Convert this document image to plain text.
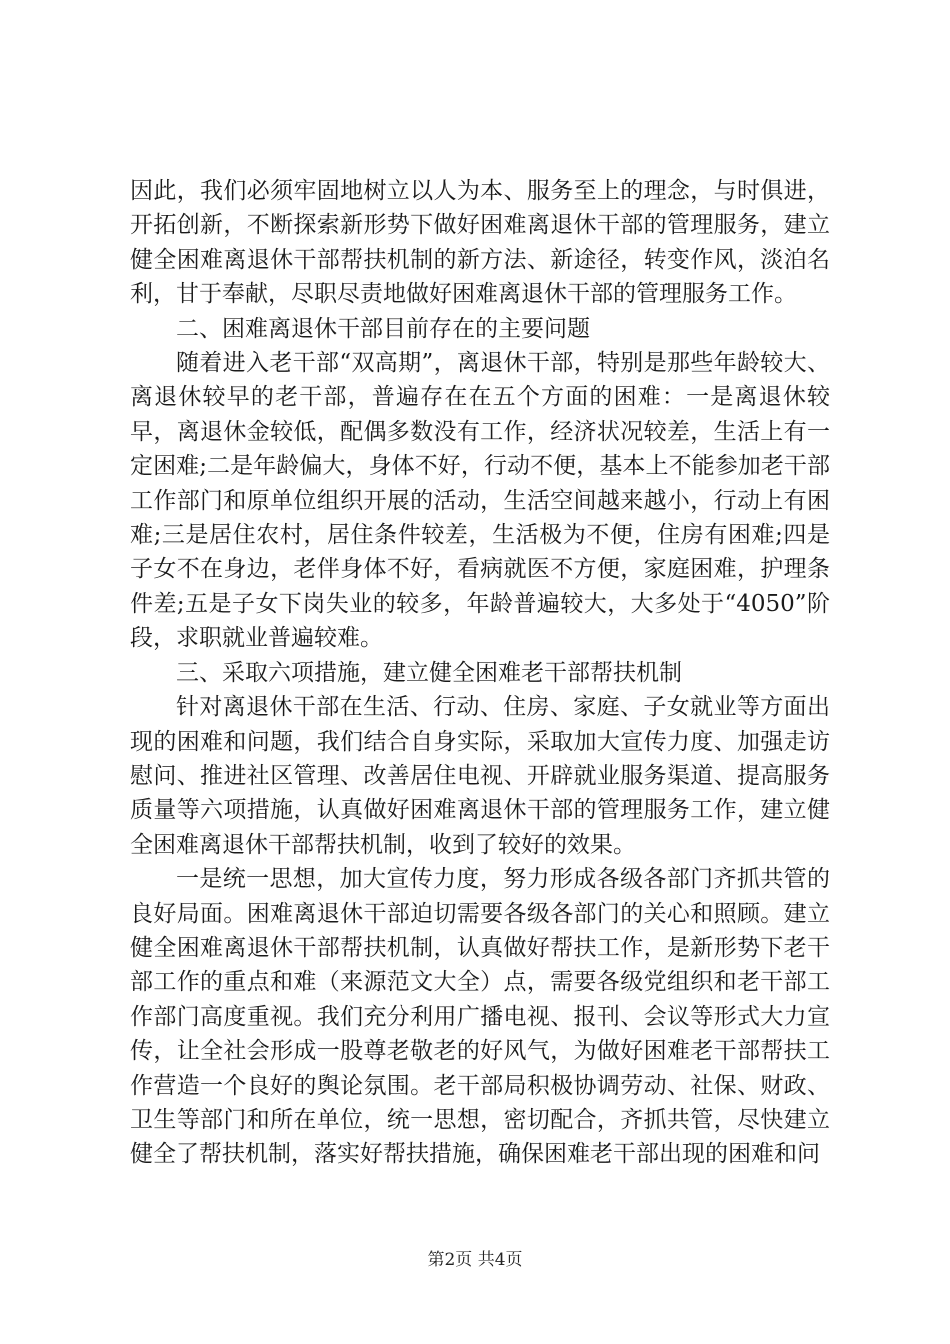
因此，我们必须牢固地树立以人为本、服务至上的理念，与时俱进，开拓创新，不断探索新形势下做好困难离退休干部的管理服务，建立健全困难离退休干部帮扶机制的新方法、新途径，转变作风，淡泊名利，甘于奉献，尽职尽责地做好困难离退休干部的管理服务工作。

二、困难离退休干部目前存在的主要问题

随着进入老干部“双高期”，离退休干部，特别是那些年龄较大、离退休较早的老干部，普遍存在在五个方面的困难：一是离退休较早，离退休金较低，配偶多数没有工作，经济状况较差，生活上有一定困难;二是年龄偏大，身体不好，行动不便，基本上不能参加老干部工作部门和原单位组织开展的活动，生活空间越来越小，行动上有困难;三是居住农村，居住条件较差，生活极为不便，住房有困难;四是子女不在身边，老伴身体不好，看病就医不方便，家庭困难，护理条件差;五是子女下岗失业的较多，年龄普遍较大，大多处于“4050”阶段，求职就业普遍较难。

三、采取六项措施，建立健全困难老干部帮扶机制

针对离退休干部在生活、行动、住房、家庭、子女就业等方面出现的困难和问题，我们结合自身实际，采取加大宣传力度、加强走访慰问、推进社区管理、改善居住电视、开辟就业服务渠道、提高服务质量等六项措施，认真做好困难离退休干部的管理服务工作，建立健全困难离退休干部帮扶机制，收到了较好的效果。

一是统一思想，加大宣传力度，努力形成各级各部门齐抓共管的良好局面。困难离退休干部迫切需要各级各部门的关心和照顾。建立健全困难离退休干部帮扶机制，认真做好帮扶工作，是新形势下老干部工作的重点和难（来源范文大全）点，需要各级党组织和老干部工作部门高度重视。我们充分利用广播电视、报刊、会议等形式大力宣传，让全社会形成一股尊老敬老的好风气，为做好困难老干部帮扶工作营造一个良好的舆论氛围。老干部局积极协调劳动、社保、财政、卫生等部门和所在单位，统一思想，密切配合，齐抓共管，尽快建立健全了帮扶机制，落实好帮扶措施，确保困难老干部出现的困难和问

第2页 共4页
